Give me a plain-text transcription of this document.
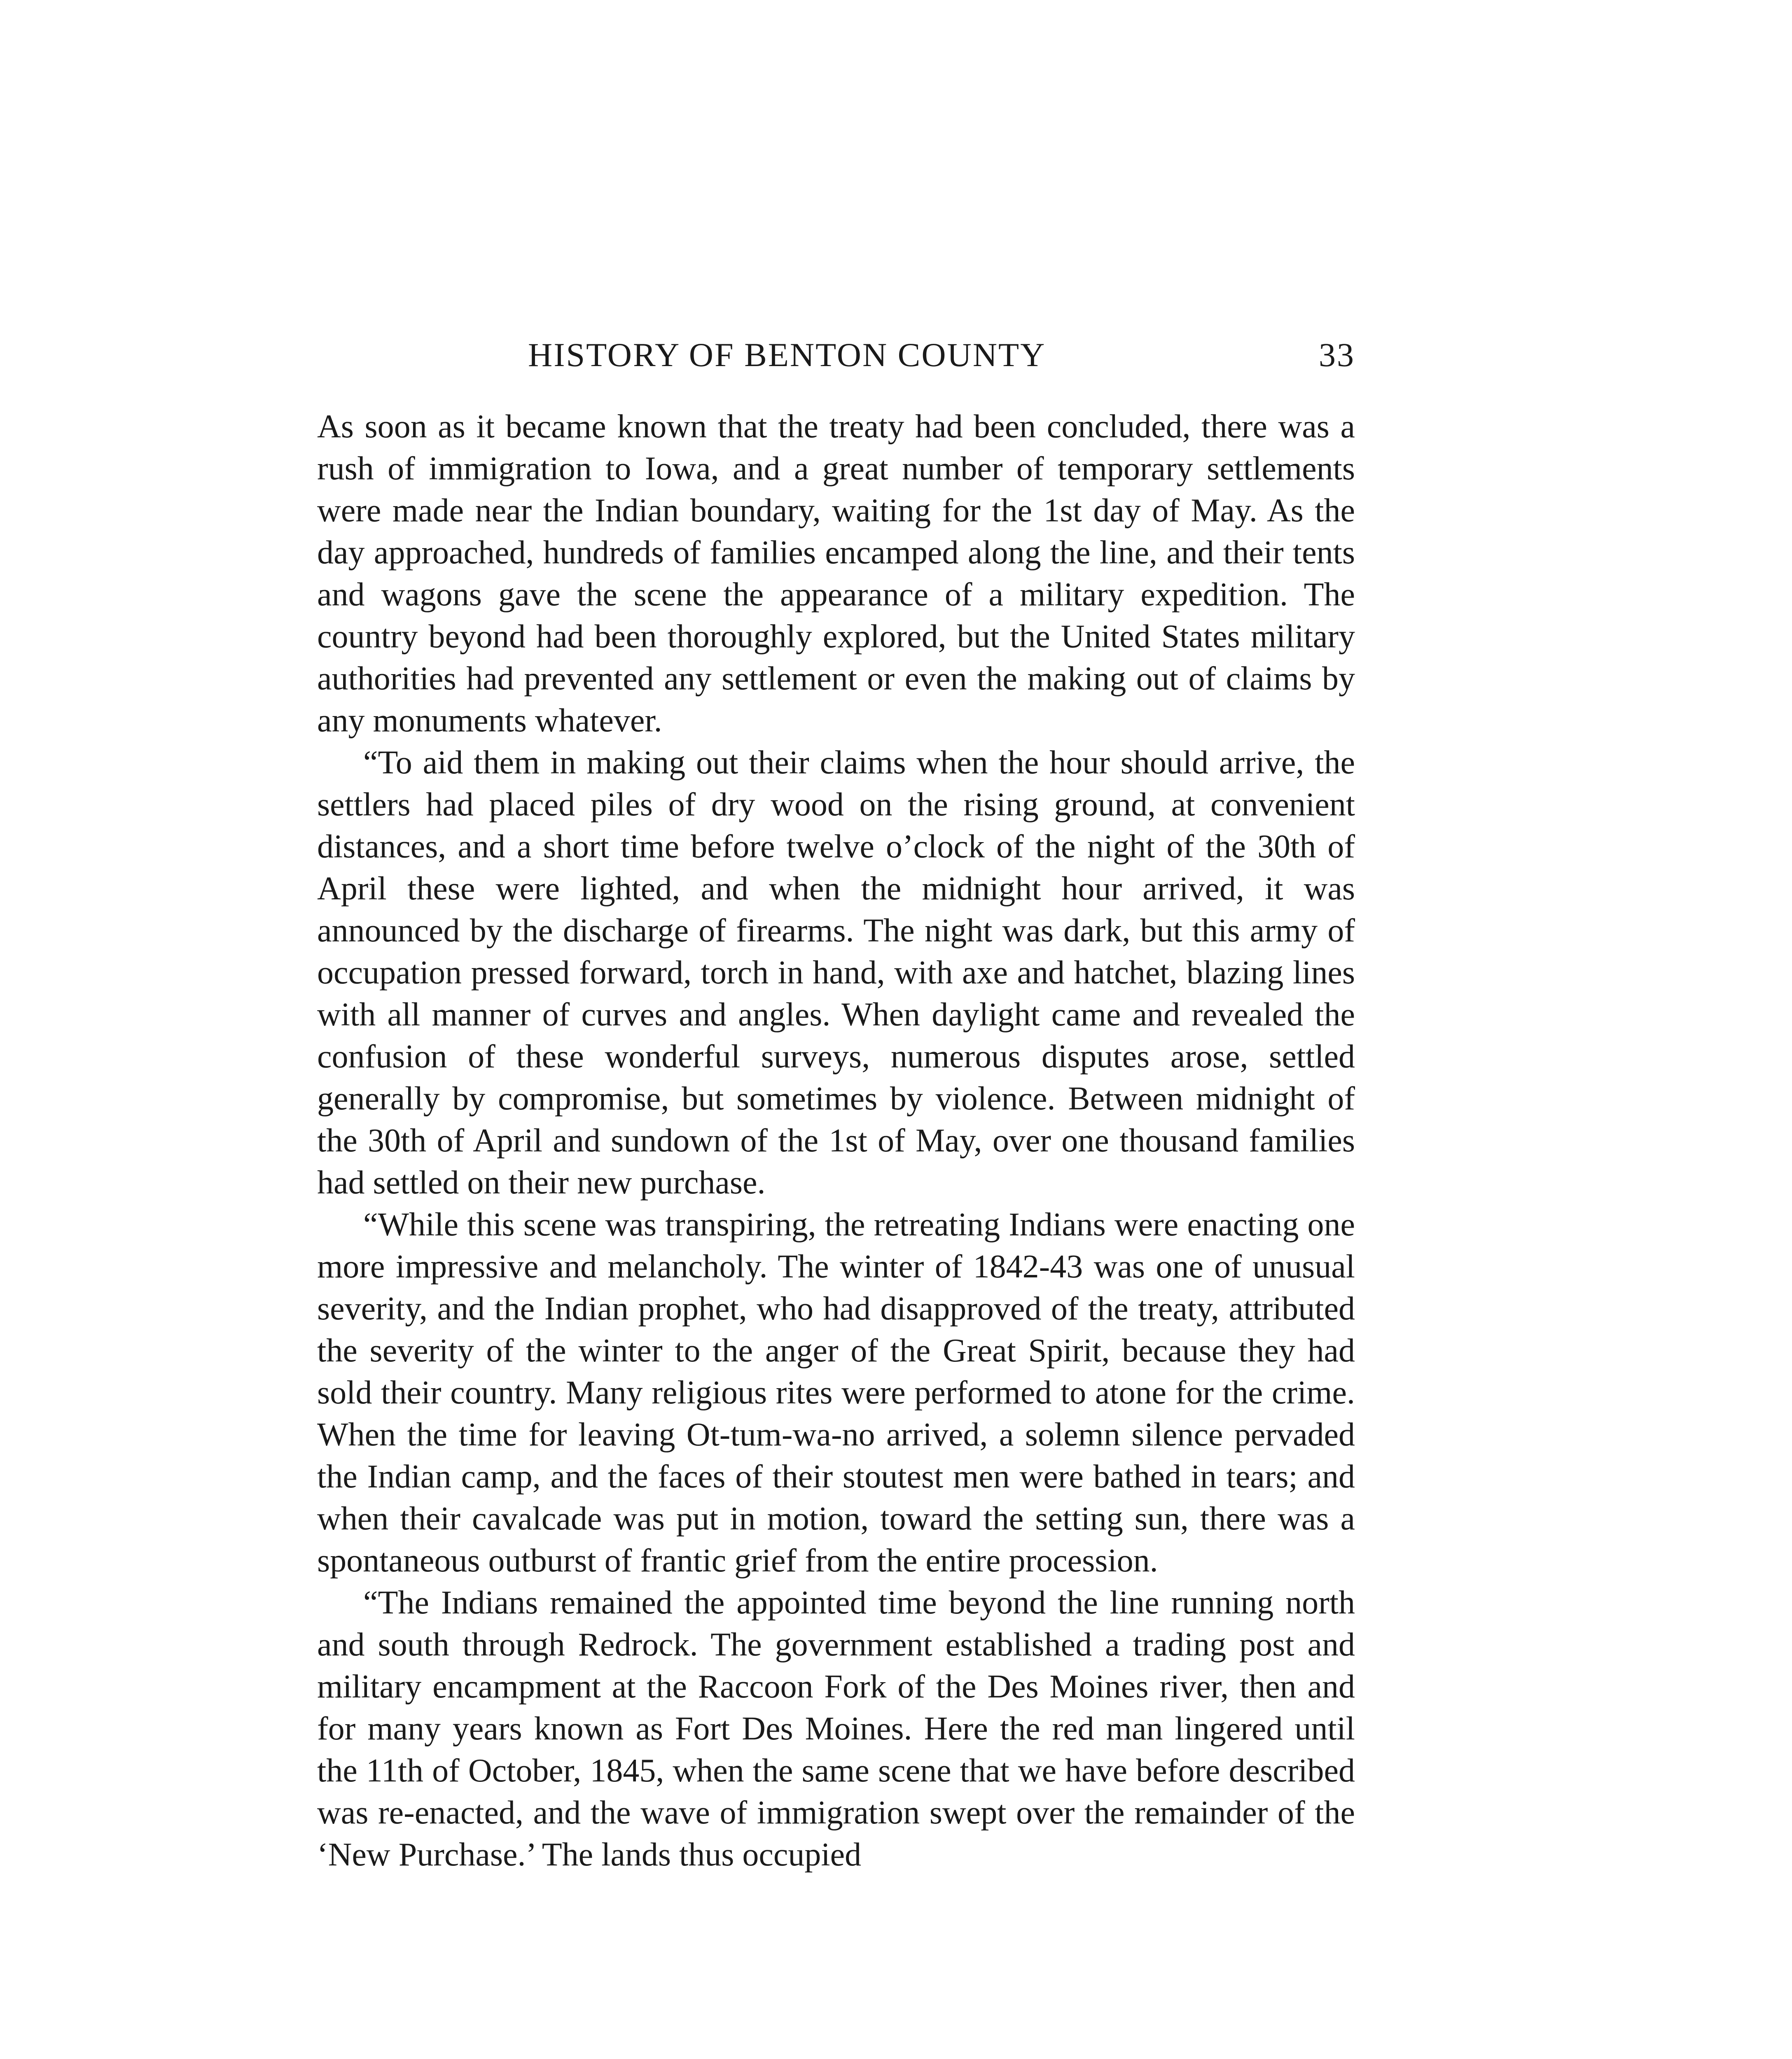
HISTORY OF BENTON COUNTY	33

As soon as it became known that the treaty had been concluded, there was a rush of immigration to Iowa, and a great number of temporary settlements were made near the Indian boundary, waiting for the 1st day of May. As the day approached, hundreds of families encamped along the line, and their tents and wagons gave the scene the appearance of a military expedition. The country beyond had been thoroughly explored, but the United States military authorities had prevented any settlement or even the making out of claims by any monuments whatever.

“To aid them in making out their claims when the hour should arrive, the settlers had placed piles of dry wood on the rising ground, at convenient distances, and a short time before twelve o’clock of the night of the 30th of April these were lighted, and when the midnight hour arrived, it was announced by the discharge of firearms. The night was dark, but this army of occupation pressed forward, torch in hand, with axe and hatchet, blazing lines with all manner of curves and angles. When daylight came and revealed the confusion of these wonderful surveys, numerous disputes arose, settled generally by compromise, but sometimes by violence. Between midnight of the 30th of April and sundown of the 1st of May, over one thousand families had settled on their new purchase.

“While this scene was transpiring, the retreating Indians were enacting one more impressive and melancholy. The winter of 1842-43 was one of unusual severity, and the Indian prophet, who had disapproved of the treaty, attributed the severity of the winter to the anger of the Great Spirit, because they had sold their country. Many religious rites were performed to atone for the crime. When the time for leaving Ot-tum-wa-no arrived, a solemn silence pervaded the Indian camp, and the faces of their stoutest men were bathed in tears; and when their cavalcade was put in motion, toward the setting sun, there was a spontaneous outburst of frantic grief from the entire procession.

“The Indians remained the appointed time beyond the line running north and south through Redrock. The government established a trading post and military encampment at the Raccoon Fork of the Des Moines river, then and for many years known as Fort Des Moines. Here the red man lingered until the 11th of October, 1845, when the same scene that we have before described was re-enacted, and the wave of immigration swept over the remainder of the ‘New Purchase.’ The lands thus occupied
